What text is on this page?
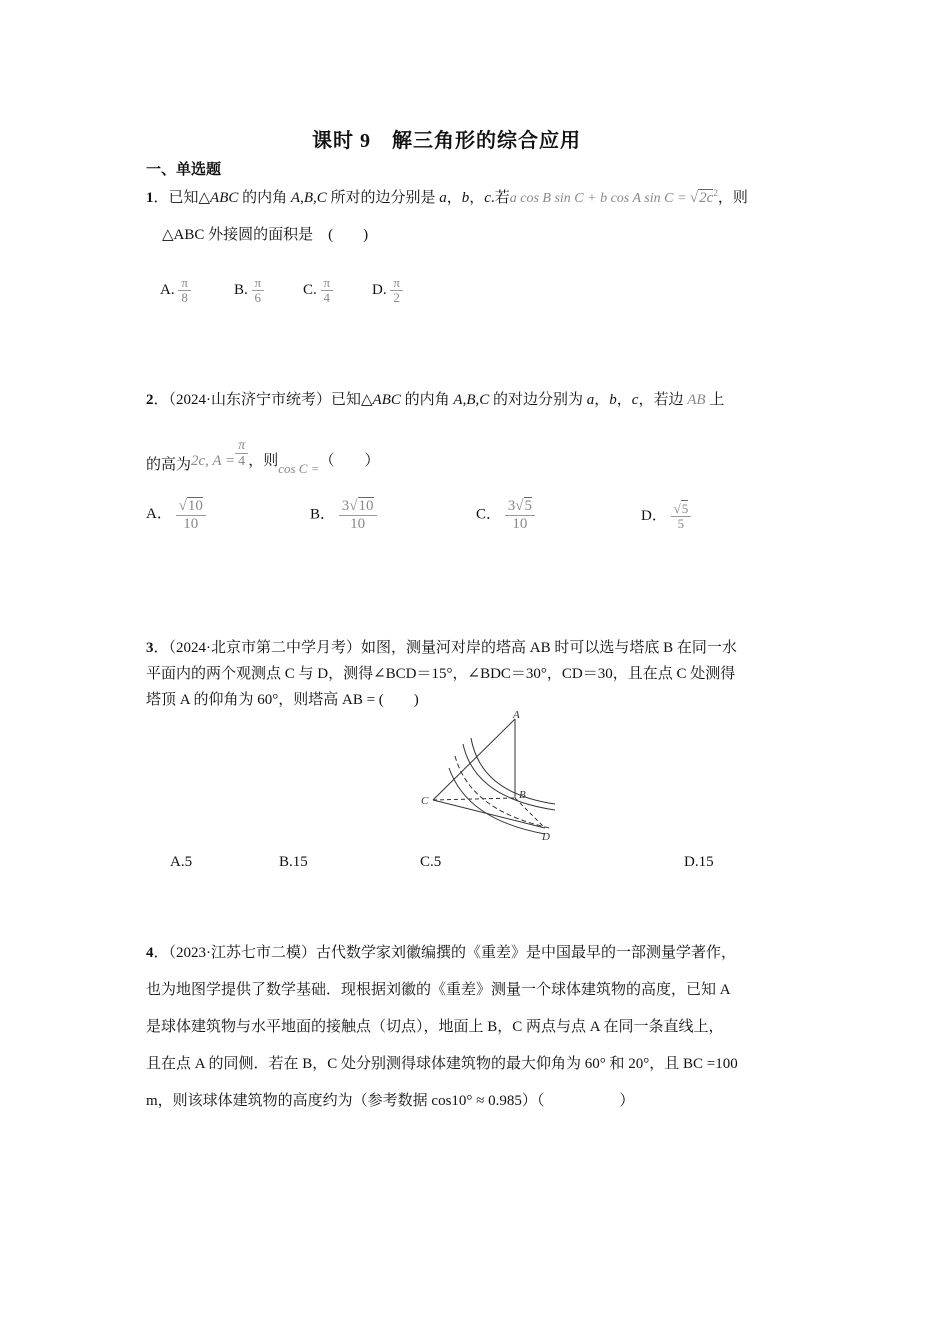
课时 9　解三角形的综合应用
一、单选题
1．已知△ABC 的内角 A,B,C 所对的边分别是 a，b，c.若a cos B sin C + b cos A $\sin C = √2c^2$，则
△ABC 外接圆的面积是　(　　)
A. $\frac{\pi}{8}$	B. $\frac{\pi}{6}$	C. $\frac{\pi}{4}$	D. $\frac{\pi}{2}$
2．（2024·山东济宁市统考）已知△ABC 的内角 A,B,C 的对边分别为 a，b，c，若边 AB 上
的高为2c, $A = \frac{\pi}{4}$ ，则cos C =（　　）
A． $\frac{√10}{10}$	B． $\frac{3√10}{10}$	C． $\frac{3√5}{10}$	D． $\frac{√5}{5}$
3．（2024·北京市第二中学月考）如图，测量河对岸的塔高 AB 时可以选与塔底 B 在同一水
平面内的两个观测点 C 与 D，测得∠BCD＝15°，∠BDC＝30°，CD＝30，且在点 C 处测得
塔顶 A 的仰角为 60°，则塔高 AB = (　　)
A
B
C
D
A.5	B.15	C.5	D.15
4．（2023·江苏七市二模）古代数学家刘徽编撰的《重差》是中国最早的一部测量学著作，
也为地图学提供了数学基础．现根据刘徽的《重差》测量一个球体建筑物的高度，已知 A
是球体建筑物与水平地面的接触点（切点），地面上 B，C 两点与点 A 在同一条直线上，
且在点 A 的同侧．若在 B，C 处分别测得球体建筑物的最大仰角为 60° 和 20°，且 BC =100
m，则该球体建筑物的高度约为（参考数据 cos10° ≈ 0.985）（　　　　　）
